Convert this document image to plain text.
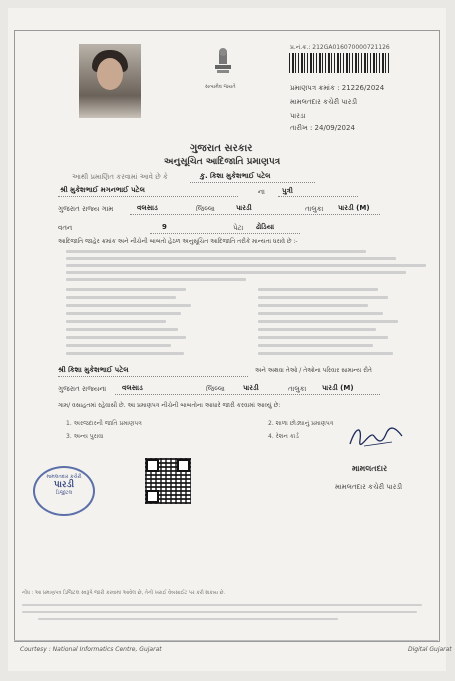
પ્ર.નં.ક્ર.: 212GA016070000721126
સત્યમેવ જયતે	પ્રમાણપત્ર ક્રમાંક : 21226/2024
મામલતદાર કચેરી પારડી
પારડા
તારીખ : 24/09/2024
ગુજરાત સરકાર
અનુસૂચિત આદિજાતિ પ્રમાણપત્ર
આથી પ્રમાણિત કરવામાં આવે છે કે	કુ. કિશા મુકેશભાઈ પટેલ
શ્રી મુકેશભાઈ મગનભાઈ પટેલ	ના પુત્રી
ગુજરાત રાજ્ય ગામ	વલસાડ	જિલ્લા	પારડી	તાલુકા પારડી (M)
વતન	9	પેટા ઢોડિયા
આદિજાતિ જાહેર ક્રમાંક અને નીચેની બાબતો હેઠળ અનુસૂચિત આદિજાતિ તરીકે માન્યતા ધરાવે છે :-
શ્રી કિશા મુકેશભાઈ પટેલ	અને અથવા તેઓ / તેઓના પરિવાર સામાન્ય રીતે
ગુજરાત રાજ્યના વલસાડ	જિલ્લા	પારડી	તાલુકા પારડી (M)
ગામ/ વસાહતમાં રહેવાસી છે. આ પ્રમાણપત્ર નીચેની બાબતોના આધારે જારી કરવામાં આવ્યું છે:
1. અરજદારની જાતિ પ્રમાણપત્ર	2. શાળા છોડ્યાનું પ્રમાણપત્ર
3. અન્ય પુરાવા	4. રેશન કાર્ડ
મામલતદાર
મામલતદાર કચેરી પારડી
મામલતદાર કચેરી
પારડી
ડિજીટલ
નોંધ : આ પ્રમાણપત્ર ડિજિટલ સ્વરૂપે જારી કરવામાં આવેલ છે, તેની ખરાઈ વેબસાઈટ પર કરી શકાય છે.
Courtesy : National Informatics Centre, Gujarat	Digital Gujarat
